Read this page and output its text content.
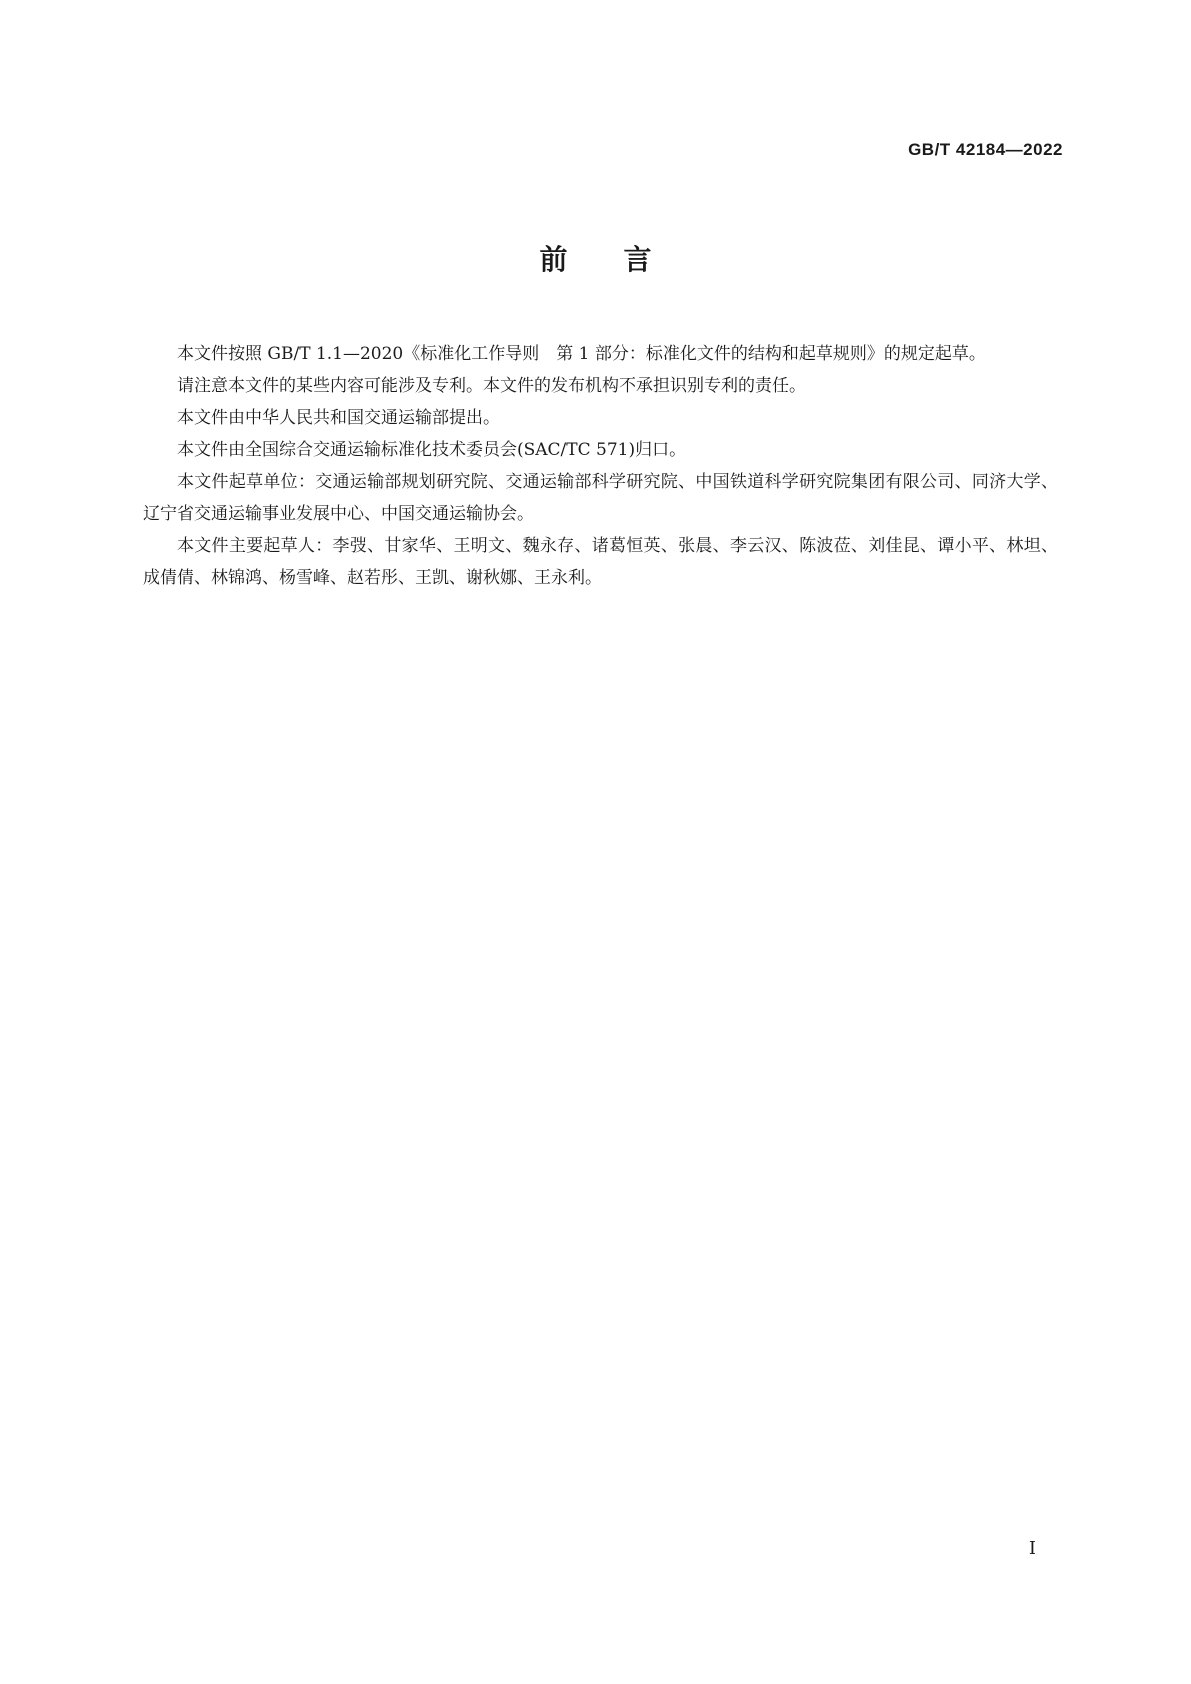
GB/T 42184—2022
前言

本文件按照 GB/T 1.1—2020《标准化工作导则　第 1 部分：标准化文件的结构和起草规则》的规定起草。

请注意本文件的某些内容可能涉及专利。本文件的发布机构不承担识别专利的责任。

本文件由中华人民共和国交通运输部提出。

本文件由全国综合交通运输标准化技术委员会(SAC/TC 571)归口。

本文件起草单位：交通运输部规划研究院、交通运输部科学研究院、中国铁道科学研究院集团有限公司、同济大学、辽宁省交通运输事业发展中心、中国交通运输协会。

本文件主要起草人：李弢、甘家华、王明文、魏永存、诸葛恒英、张晨、李云汉、陈波莅、刘佳昆、谭小平、林坦、成倩倩、林锦鸿、杨雪峰、赵若彤、王凯、谢秋娜、王永利。

I
